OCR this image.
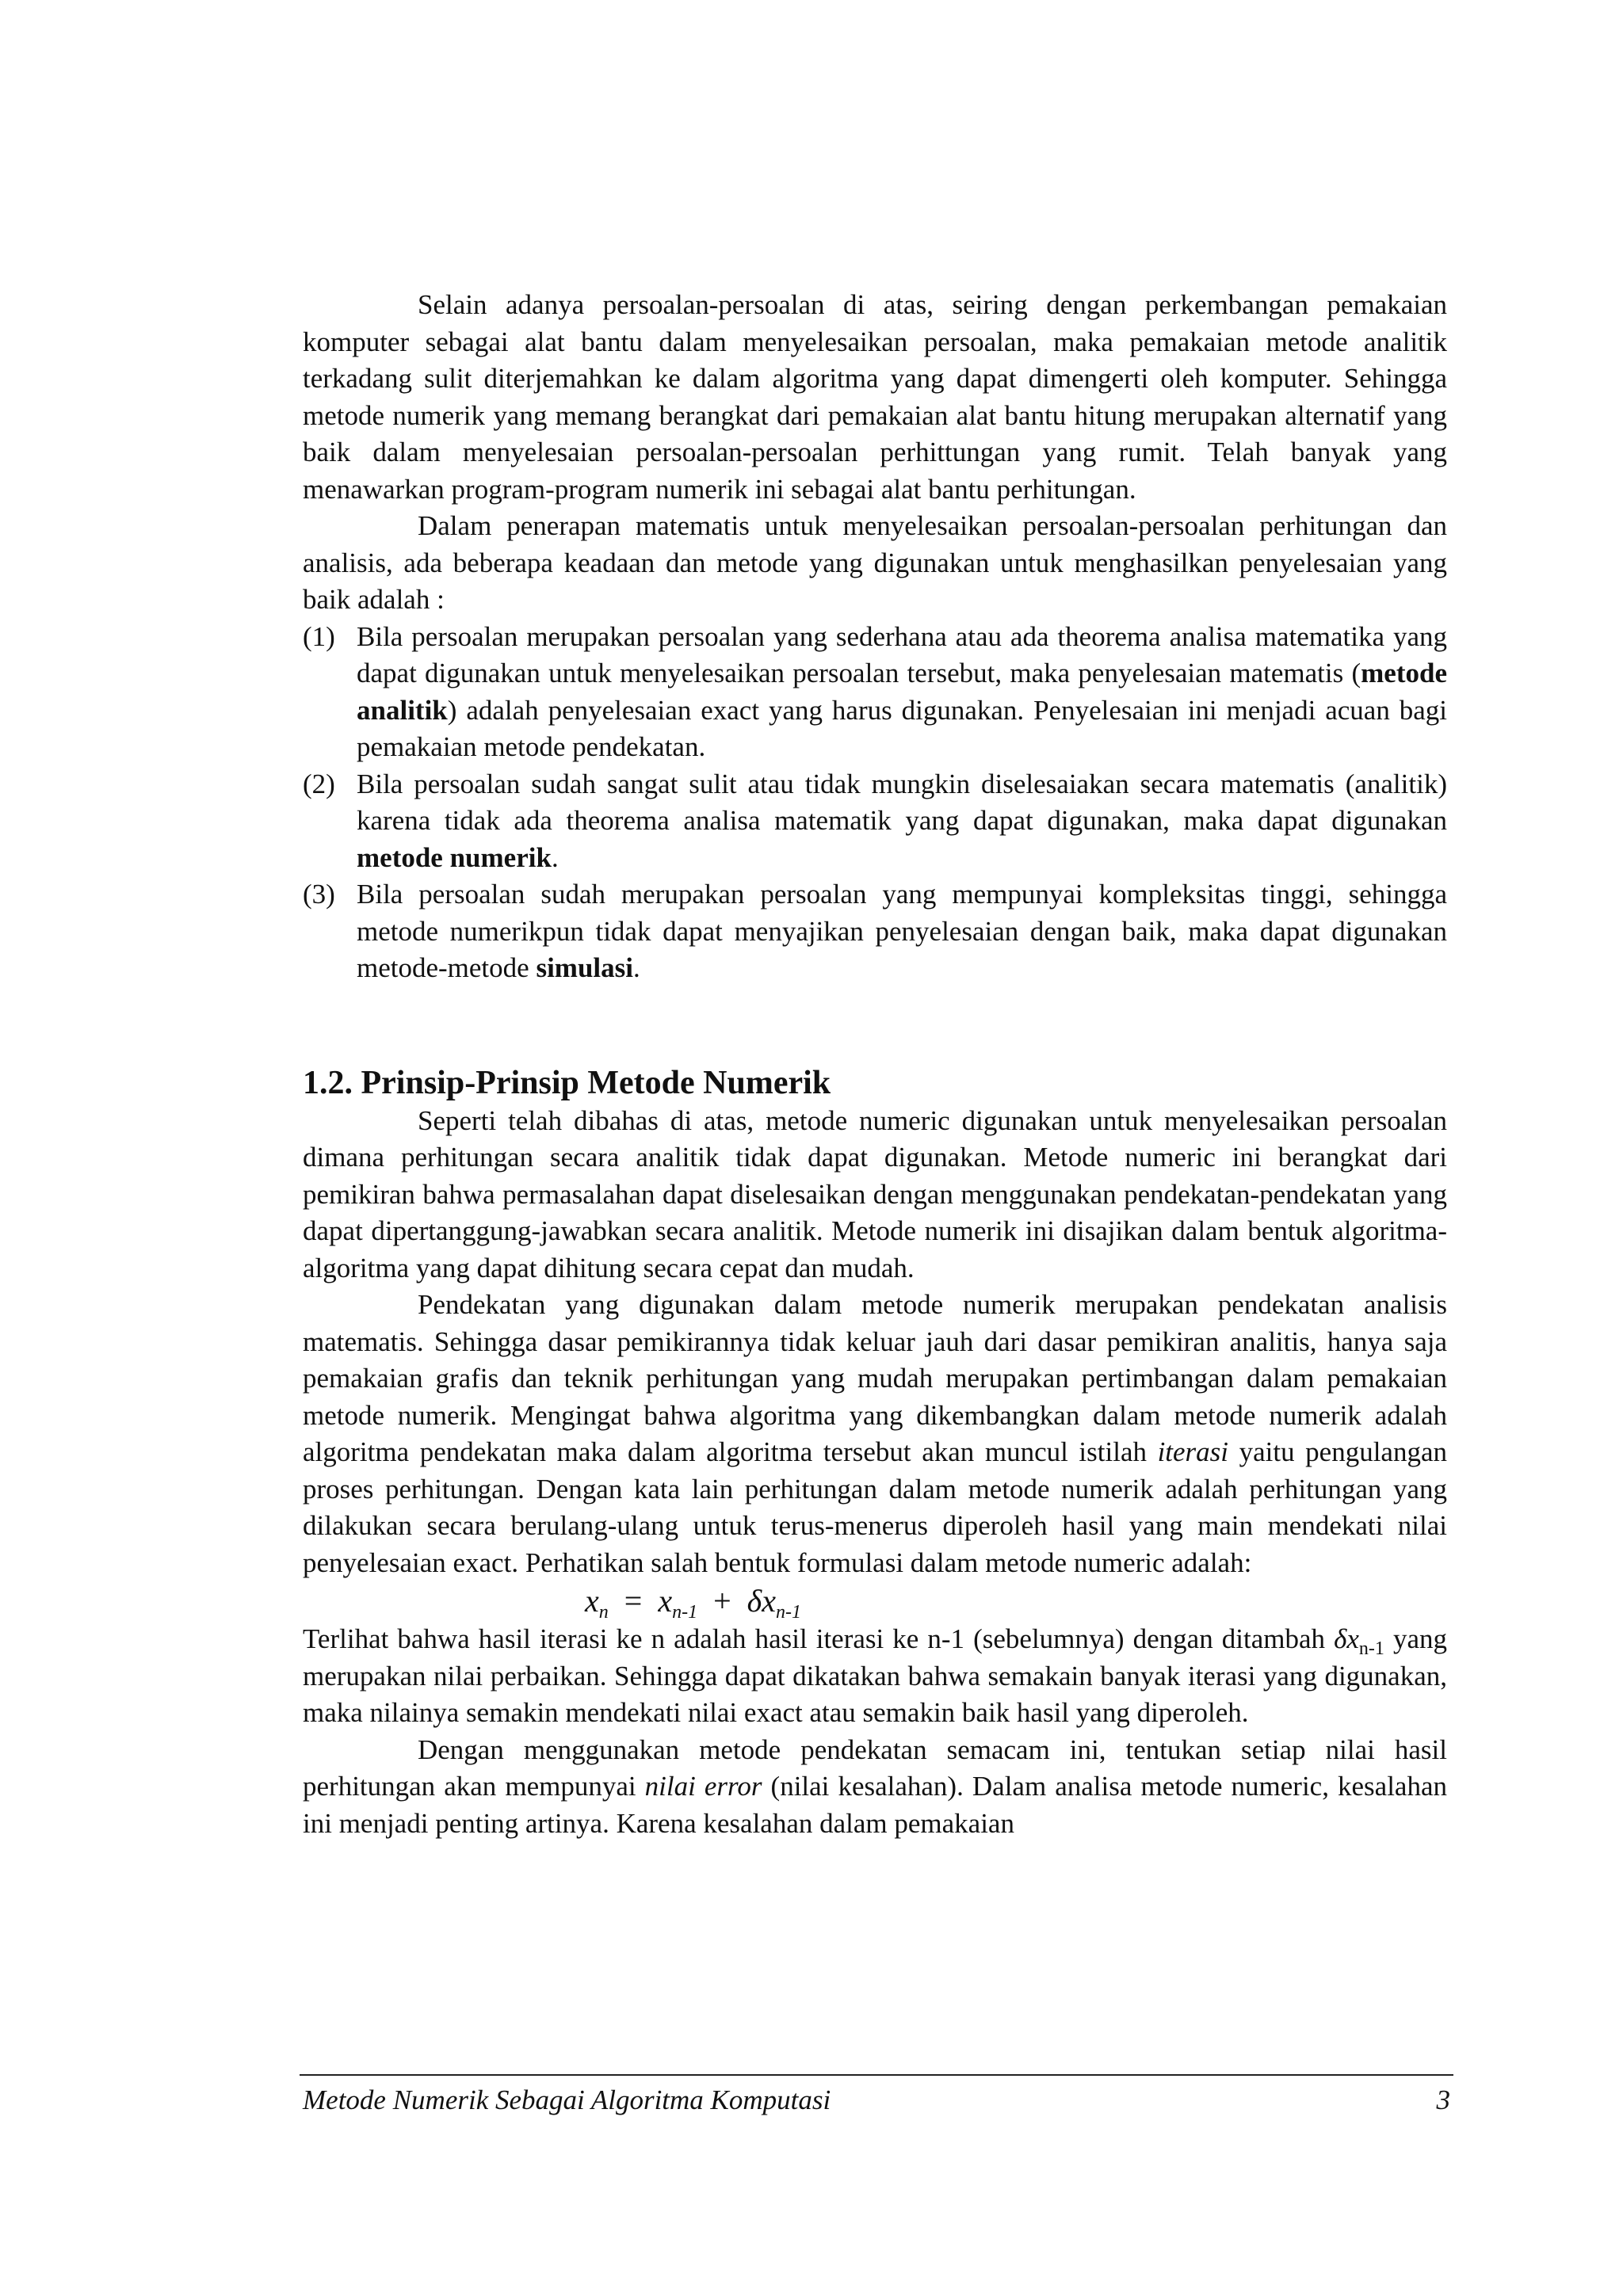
Selain adanya persoalan-persoalan di atas, seiring dengan perkembangan pemakaian komputer sebagai alat bantu dalam menyelesaikan persoalan, maka pemakaian metode analitik terkadang sulit diterjemahkan ke dalam algoritma yang dapat dimengerti oleh komputer. Sehingga metode numerik yang memang berangkat dari pemakaian alat bantu hitung merupakan alternatif yang baik dalam menyelesaian persoalan-persoalan perhittungan yang rumit. Telah banyak yang menawarkan program-program numerik ini sebagai alat bantu perhitungan.

Dalam penerapan matematis untuk menyelesaikan persoalan-persoalan perhitungan dan analisis, ada beberapa keadaan dan metode yang digunakan untuk menghasilkan penyelesaian yang baik adalah :

(1) Bila persoalan merupakan persoalan yang sederhana atau ada theorema analisa matematika yang dapat digunakan untuk menyelesaikan persoalan tersebut, maka penyelesaian matematis (metode analitik) adalah penyelesaian exact yang harus digunakan. Penyelesaian ini menjadi acuan bagi pemakaian metode pendekatan.
(2) Bila persoalan sudah sangat sulit atau tidak mungkin diselesaiakan secara matematis (analitik) karena tidak ada theorema analisa matematik yang dapat digunakan, maka dapat digunakan metode numerik.
(3) Bila persoalan sudah merupakan persoalan yang mempunyai kompleksitas tinggi, sehingga metode numerikpun tidak dapat menyajikan penyelesaian dengan baik, maka dapat digunakan metode-metode simulasi.
1.2. Prinsip-Prinsip Metode Numerik

Seperti telah dibahas di atas, metode numeric digunakan untuk menyelesaikan persoalan dimana perhitungan secara analitik tidak dapat digunakan. Metode numeric ini berangkat dari pemikiran bahwa permasalahan dapat diselesaikan dengan menggunakan pendekatan-pendekatan yang dapat dipertanggung-jawabkan secara analitik. Metode numerik ini disajikan dalam bentuk algoritma-algoritma yang dapat dihitung secara cepat dan mudah.

Pendekatan yang digunakan dalam metode numerik merupakan pendekatan analisis matematis. Sehingga dasar pemikirannya tidak keluar jauh dari dasar pemikiran analitis, hanya saja pemakaian grafis dan teknik perhitungan yang mudah merupakan pertimbangan dalam pemakaian metode numerik. Mengingat bahwa algoritma yang dikembangkan dalam metode numerik adalah algoritma pendekatan maka dalam algoritma tersebut akan muncul istilah iterasi yaitu pengulangan proses perhitungan. Dengan kata lain perhitungan dalam metode numerik adalah perhitungan yang dilakukan secara berulang-ulang untuk terus-menerus diperoleh hasil yang main mendekati nilai penyelesaian exact. Perhatikan salah bentuk formulasi dalam metode numeric adalah:

$x_n = x_{n-1} + \delta x_{n-1}$

Terlihat bahwa hasil iterasi ke n adalah hasil iterasi ke n-1 (sebelumnya) dengan ditambah $\delta x_{n-1}$ yang merupakan nilai perbaikan. Sehingga dapat dikatakan bahwa semakain banyak iterasi yang digunakan, maka nilainya semakin mendekati nilai exact atau semakin baik hasil yang diperoleh.

Dengan menggunakan metode pendekatan semacam ini, tentukan setiap nilai hasil perhitungan akan mempunyai nilai error (nilai kesalahan). Dalam analisa metode numeric, kesalahan ini menjadi penting artinya. Karena kesalahan dalam pemakaian

Metode Numerik Sebagai Algoritma Komputasi	3
